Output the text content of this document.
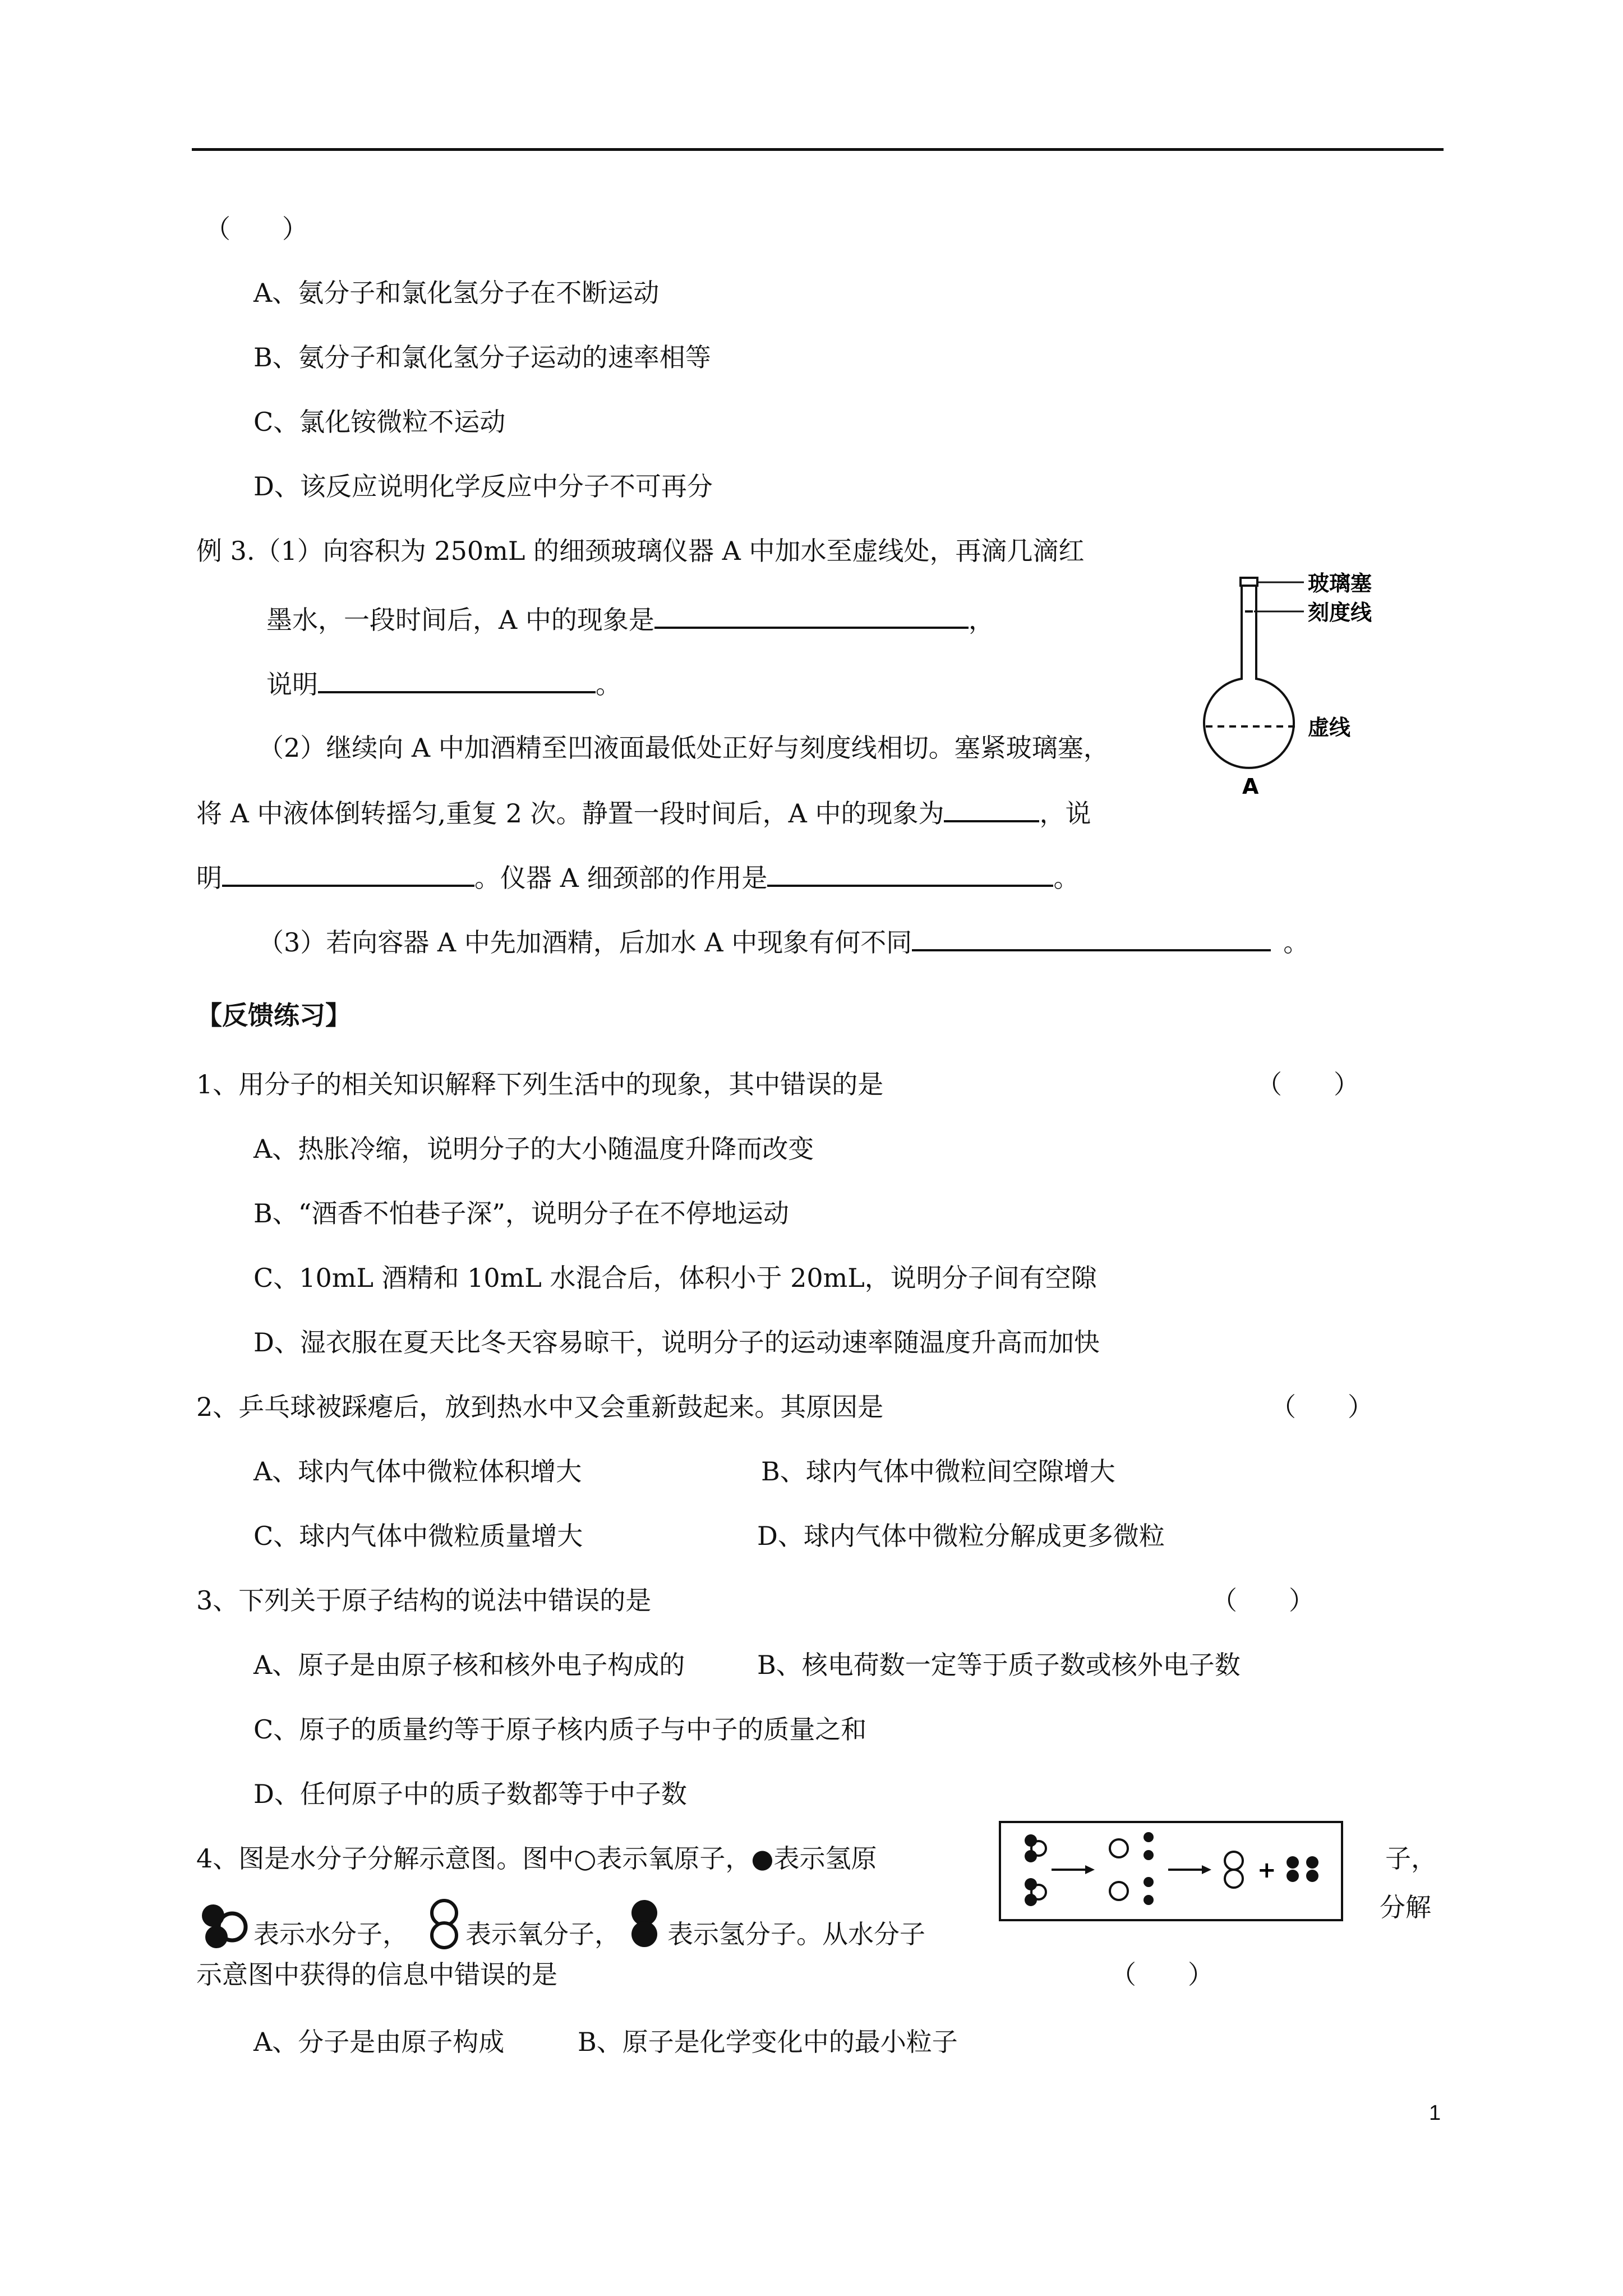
（　　）
A、氨分子和氯化氢分子在不断运动
B、氨分子和氯化氢分子运动的速率相等
C、氯化铵微粒不运动
D、该反应说明化学反应中分子不可再分
例 3.（1）向容积为 250mL 的细颈玻璃仪器 A 中加水至虚线处，再滴几滴红
墨水，一段时间后，A 中的现象是	，
说明	。
（2）继续向 A 中加酒精至凹液面最低处正好与刻度线相切。塞紧玻璃塞，
将 A 中液体倒转摇匀,重复 2 次。静置一段时间后，A 中的现象为	，说
明	。仪器 A 细颈部的作用是	。
（3）若向容器 A 中先加酒精，后加水 A 中现象有何不同	。
玻璃塞
刻度线
虚线
A
【反馈练习】
1、用分子的相关知识解释下列生活中的现象，其中错误的是	（　　）
A、热胀冷缩，说明分子的大小随温度升降而改变
B、“酒香不怕巷子深”，说明分子在不停地运动
C、10mL 酒精和 10mL 水混合后，体积小于 20mL，说明分子间有空隙
D、湿衣服在夏天比冬天容易晾干，说明分子的运动速率随温度升高而加快
2、乒乓球被踩瘪后，放到热水中又会重新鼓起来。其原因是	（　　）
A、球内气体中微粒体积增大	B、球内气体中微粒间空隙增大
C、球内气体中微粒质量增大	D、球内气体中微粒分解成更多微粒
3、下列关于原子结构的说法中错误的是	（　　）
A、原子是由原子核和核外电子构成的	B、核电荷数一定等于质子数或核外电子数
C、原子的质量约等于原子核内质子与中子的质量之和
D、任何原子中的质子数都等于中子数
4、图是水分子分解示意图。图中○表示氧原子，●表示氢原	子，
+
表示水分子， 表示氧分子， 表示氢分子。从水分子
分解
示意图中获得的信息中错误的是	（　　）
A、分子是由原子构成	B、原子是化学变化中的最小粒子
1
